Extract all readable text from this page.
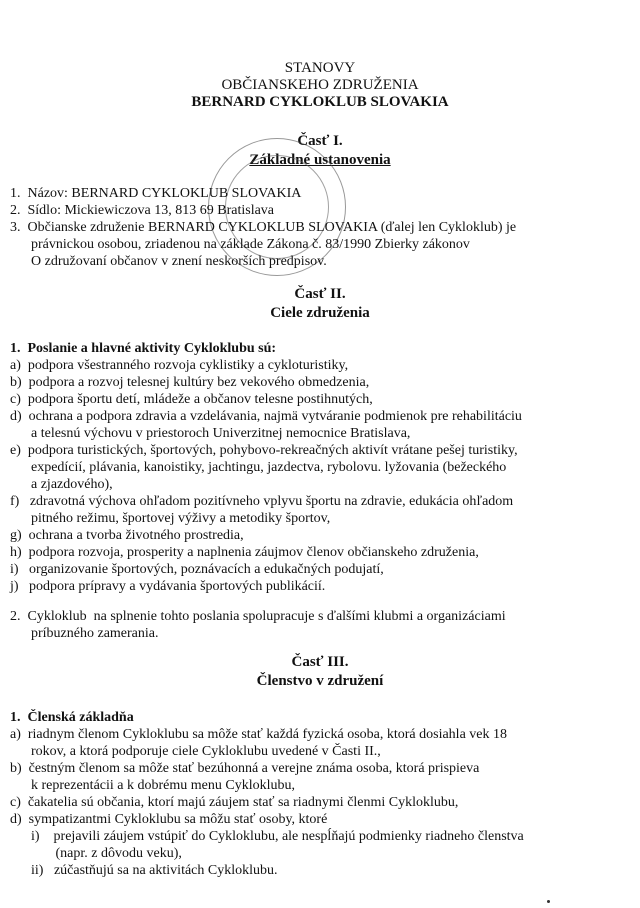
STANOVY
OBČIANSKEHO ZDRUŽENIA
BERNARD CYKLOKLUB SLOVAKIA
Časť I.
Základné ustanovenia
1.  Názov: BERNARD CYKLOKLUB SLOVAKIA
2.  Sídlo: Mickiewiczova 13, 813 69 Bratislava
3.  Občianske združenie BERNARD CYKLOKLUB SLOVAKIA (ďalej len Cykloklub) je
právnickou osobou, zriadenou na základe Zákona č. 83/1990 Zbierky zákonov
O združovaní občanov v znení neskorších predpisov.
Časť II.
Ciele združenia
1.  Poslanie a hlavné aktivity Cykloklubu sú:
a)  podpora všestranného rozvoja cyklistiky a cykloturistiky,
b)  podpora a rozvoj telesnej kultúry bez vekového obmedzenia,
c)  podpora športu detí, mládeže a občanov telesne postihnutých,
d)  ochrana a podpora zdravia a vzdelávania, najmä vytváranie podmienok pre rehabilitáciu
a telesnú výchovu v priestoroch Univerzitnej nemocnice Bratislava,
e)  podpora turistických, športových, pohybovo-rekreačných aktivít vrátane pešej turistiky,
expedícií, plávania, kanoistiky, jachtingu, jazdectva, rybolovu. lyžovania (bežeckého
a zjazdového),
f)   zdravotná výchova ohľadom pozitívneho vplyvu športu na zdravie, edukácia ohľadom
pitného režimu, športovej výživy a metodiky športov,
g)  ochrana a tvorba životného prostredia,
h)  podpora rozvoja, prosperity a naplnenia záujmov členov občianskeho združenia,
i)   organizovanie športových, poznávacích a edukačných podujatí,
j)   podpora prípravy a vydávania športových publikácií.
2.  Cykloklub  na splnenie tohto poslania spolupracuje s ďalšími klubmi a organizáciami
príbuzného zamerania.
Časť III.
Členstvo v združení
1.  Členská základňa
a)  riadnym členom Cykloklubu sa môže stať každá fyzická osoba, ktorá dosiahla vek 18
rokov, a ktorá podporuje ciele Cykloklubu uvedené v Časti II.,
b)  čestným členom sa môže stať bezúhonná a verejne známa osoba, ktorá prispieva
k reprezentácii a k dobrému menu Cykloklubu,
c)  čakatelia sú občania, ktorí majú záujem stať sa riadnymi členmi Cykloklubu,
d)  sympatizantmi Cykloklubu sa môžu stať osoby, ktoré
i)    prejavili záujem vstúpiť do Cykloklubu, ale nespĺňajú podmienky riadneho členstva
(napr. z dôvodu veku),
ii)   zúčastňujú sa na aktivitách Cykloklubu.
